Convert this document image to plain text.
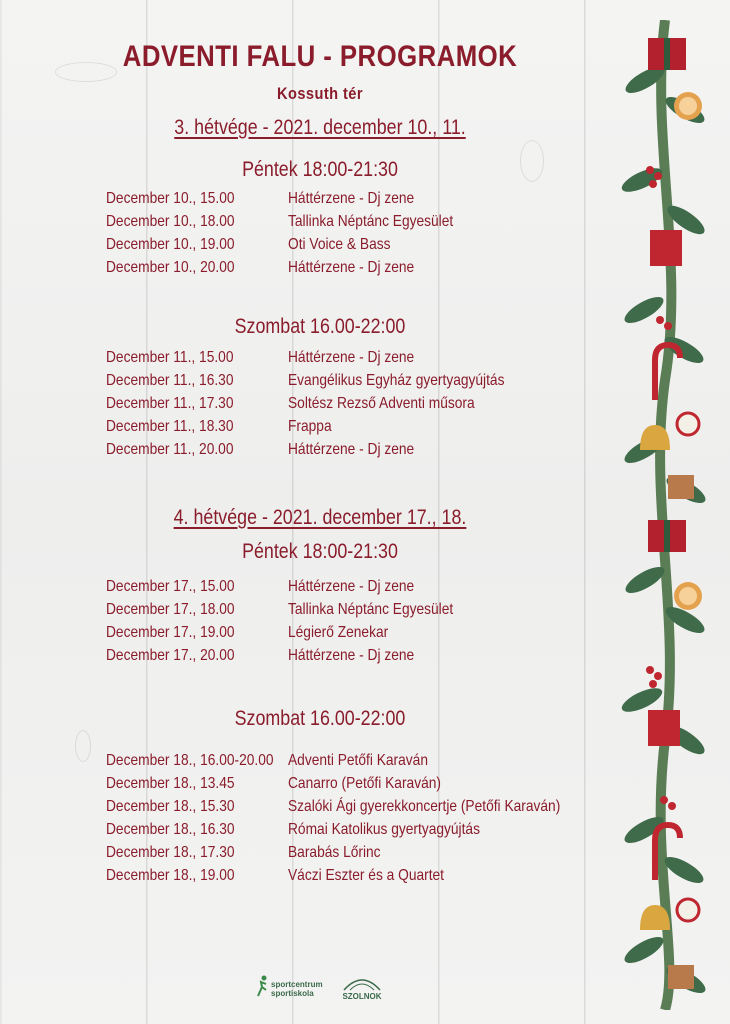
ADVENTI FALU - PROGRAMOK
Kossuth tér
3. hétvége - 2021. december 10., 11.
Péntek 18:00-21:30
December 10., 15.00	Háttérzene - Dj zene
December 10., 18.00	Tallinka Néptánc Egyesület
December 10., 19.00	Oti Voice & Bass
December 10., 20.00	Háttérzene - Dj zene
Szombat 16.00-22:00
December 11., 15.00	Háttérzene - Dj zene
December 11., 16.30	Evangélikus Egyház gyertyagyújtás
December 11., 17.30	Soltész Rezső Adventi műsora
December 11., 18.30	Frappa
December 11., 20.00	Háttérzene - Dj zene
4. hétvége - 2021. december 17., 18.
Péntek 18:00-21:30
December 17., 15.00	Háttérzene - Dj zene
December 17., 18.00	Tallinka Néptánc Egyesület
December 17., 19.00	Légierő Zenekar
December 17., 20.00	Háttérzene - Dj zene
Szombat 16.00-22:00
December 18., 16.00-20.00 Adventi Petőfi Karaván
December 18., 13.45	Canarro (Petőfi Karaván)
December 18., 15.30	Szalóki Ági gyerekkoncertje (Petőfi Karaván)
December 18., 16.30	Római Katolikus gyertyagyújtás
December 18., 17.30	Barabás Lőrinc
December 18., 19.00	Váczi Eszter és a Quartet
sportcentrum
sportiskola	SZOLNOK
